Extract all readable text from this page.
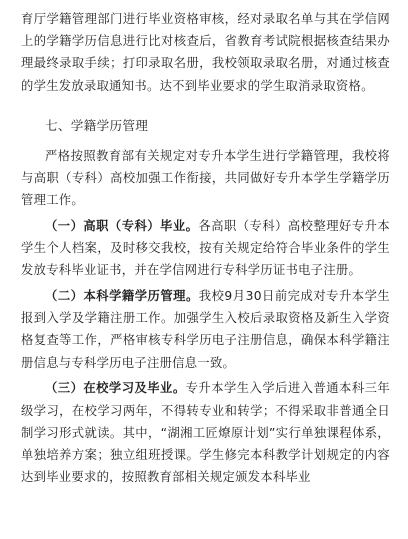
育厅学籍管理部门进行毕业资格审核，经对录取名单与其在学信网上的学籍学历信息进行比对核查后，省教育考试院根据核查结果办理最终录取手续；打印录取名册，我校领取录取名册，对通过核查的学生发放录取通知书。达不到毕业要求的学生取消录取资格。

七、学籍学历管理

严格按照教育部有关规定对专升本学生进行学籍管理，我校将与高职（专科）高校加强工作衔接，共同做好专升本学生学籍学历管理工作。

（一）高职（专科）毕业。各高职（专科）高校整理好专升本学生个人档案，及时移交我校，按有关规定给符合毕业条件的学生发放专科毕业证书，并在学信网进行专科学历证书电子注册。

（二）本科学籍学历管理。我校9月30日前完成对专升本学生报到入学及学籍注册工作。加强学生入校后录取资格及新生入学资格复查等工作，严格审核专科学历电子注册信息，确保本科学籍注册信息与专科学历电子注册信息一致。

（三）在校学习及毕业。专升本学生入学后进入普通本科三年级学习，在校学习两年，不得转专业和转学；不得采取非普通全日制学习形式就读。其中，“湖湘工匠燎原计划”实行单独课程体系，单独培养方案；独立组班授课。学生修完本科教学计划规定的内容达到毕业要求的，按照教育部相关规定颁发本科毕业
